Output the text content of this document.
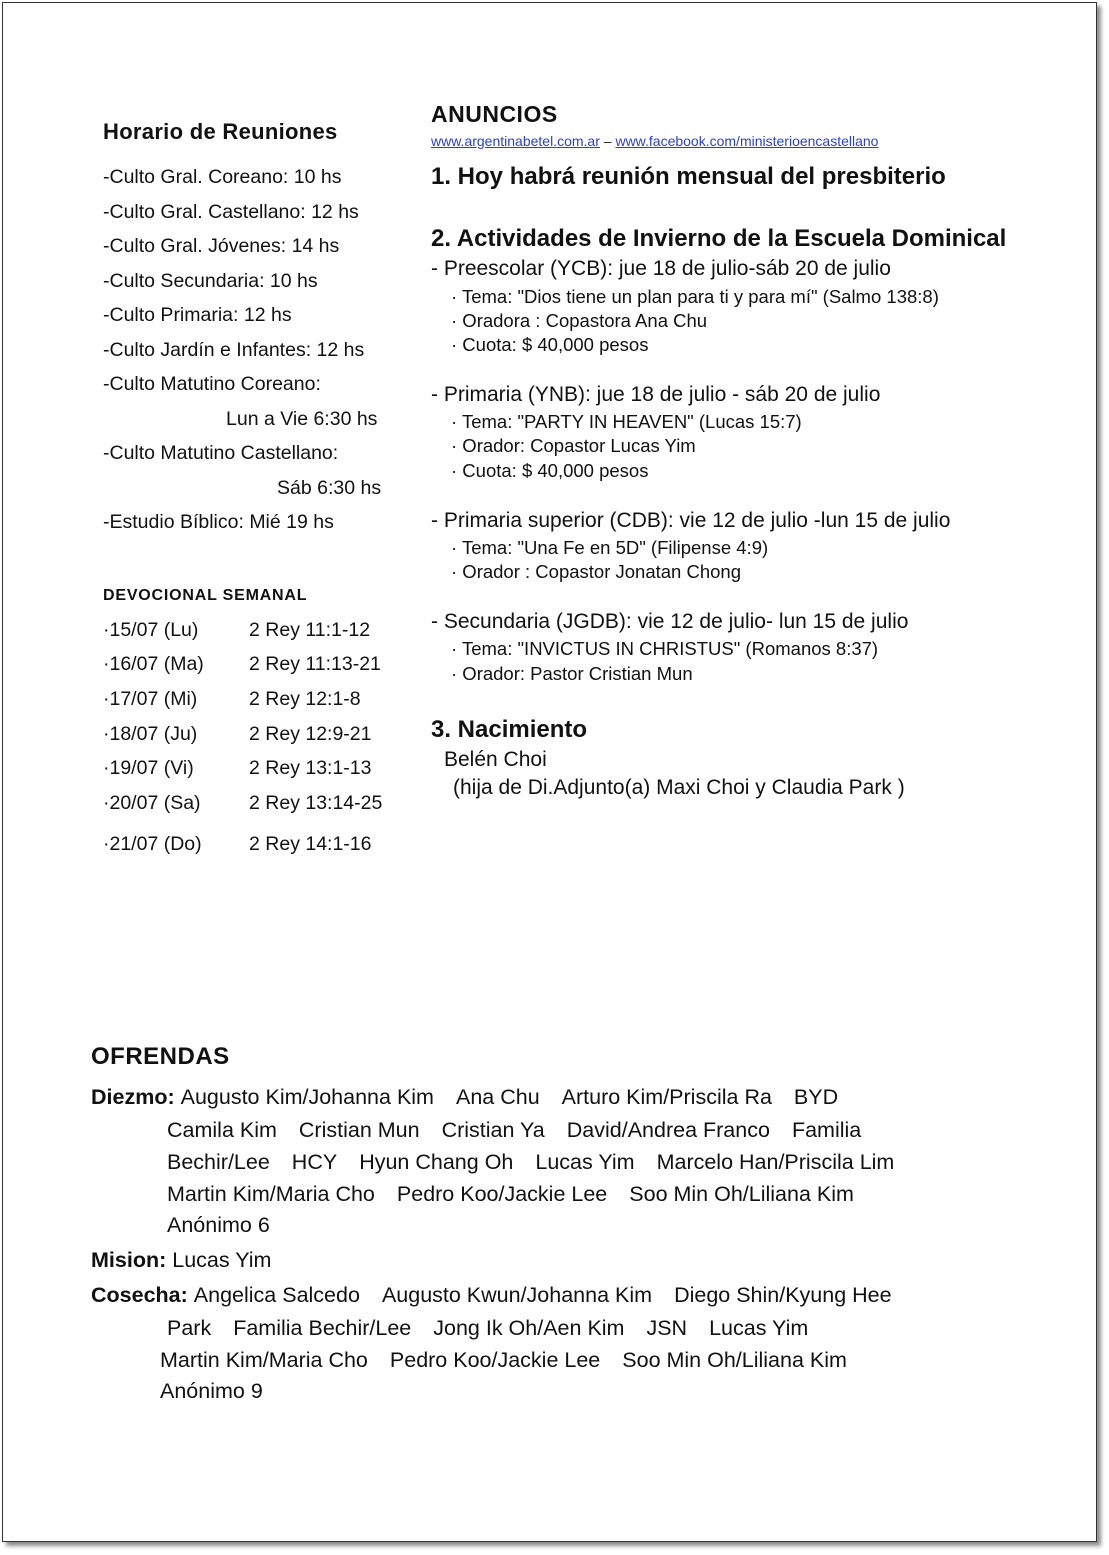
Horario de Reuniones
-Culto Gral. Coreano: 10 hs
-Culto Gral. Castellano: 12 hs
-Culto Gral. Jóvenes: 14 hs
-Culto Secundaria: 10 hs
-Culto Primaria: 12 hs
-Culto Jardín e Infantes: 12 hs
-Culto Matutino Coreano:
Lun a Vie 6:30 hs
-Culto Matutino Castellano:
Sáb 6:30 hs
-Estudio Bíblico: Mié 19 hs
DEVOCIONAL SEMANAL
·15/07 (Lu)	2 Rey 11:1-12
·16/07 (Ma) 2 Rey 11:13-21
·17/07 (Mi)	2 Rey 12:1-8
·18/07 (Ju)	2 Rey 12:9-21
·19/07 (Vi)	2 Rey 13:1-13
·20/07 (Sa) 2 Rey 13:14-25
·21/07 (Do) 2 Rey 14:1-16
ANUNCIOS
www.argentinabetel.com.ar – www.facebook.com/ministerioencastellano
1. Hoy habrá reunión mensual del presbiterio
2. Actividades de Invierno de la Escuela Dominical
- Preescolar (YCB): jue 18 de julio-sáb 20 de julio
· Tema: "Dios tiene un plan para ti y para mí" (Salmo 138:8)
· Oradora : Copastora Ana Chu
· Cuota: $ 40,000 pesos
- Primaria (YNB): jue 18 de julio - sáb 20 de julio
· Tema: "PARTY IN HEAVEN" (Lucas 15:7)
· Orador: Copastor Lucas Yim
· Cuota: $ 40,000 pesos
- Primaria superior (CDB): vie 12 de julio -lun 15 de julio
· Tema: "Una Fe en 5D" (Filipense 4:9)
· Orador : Copastor Jonatan Chong
- Secundaria (JGDB): vie 12 de julio- lun 15 de julio
· Tema: "INVICTUS IN CHRISTUS" (Romanos 8:37)
· Orador: Pastor Cristian Mun
3. Nacimiento
Belén Choi
(hija de Di.Adjunto(a) Maxi Choi y Claudia Park )
OFRENDAS
Diezmo: Augusto Kim/Johanna Kim Ana Chu Arturo Kim/Priscila Ra BYD
Camila Kim Cristian Mun Cristian Ya David/Andrea Franco Familia
Bechir/Lee HCY Hyun Chang Oh Lucas Yim Marcelo Han/Priscila Lim
Martin Kim/Maria Cho Pedro Koo/Jackie Lee Soo Min Oh/Liliana Kim
Anónimo 6
Mision: Lucas Yim
Cosecha: Angelica Salcedo Augusto Kwun/Johanna Kim Diego Shin/Kyung Hee
Park Familia Bechir/Lee Jong Ik Oh/Aen Kim JSN Lucas Yim
Martin Kim/Maria Cho Pedro Koo/Jackie Lee Soo Min Oh/Liliana Kim
Anónimo 9
